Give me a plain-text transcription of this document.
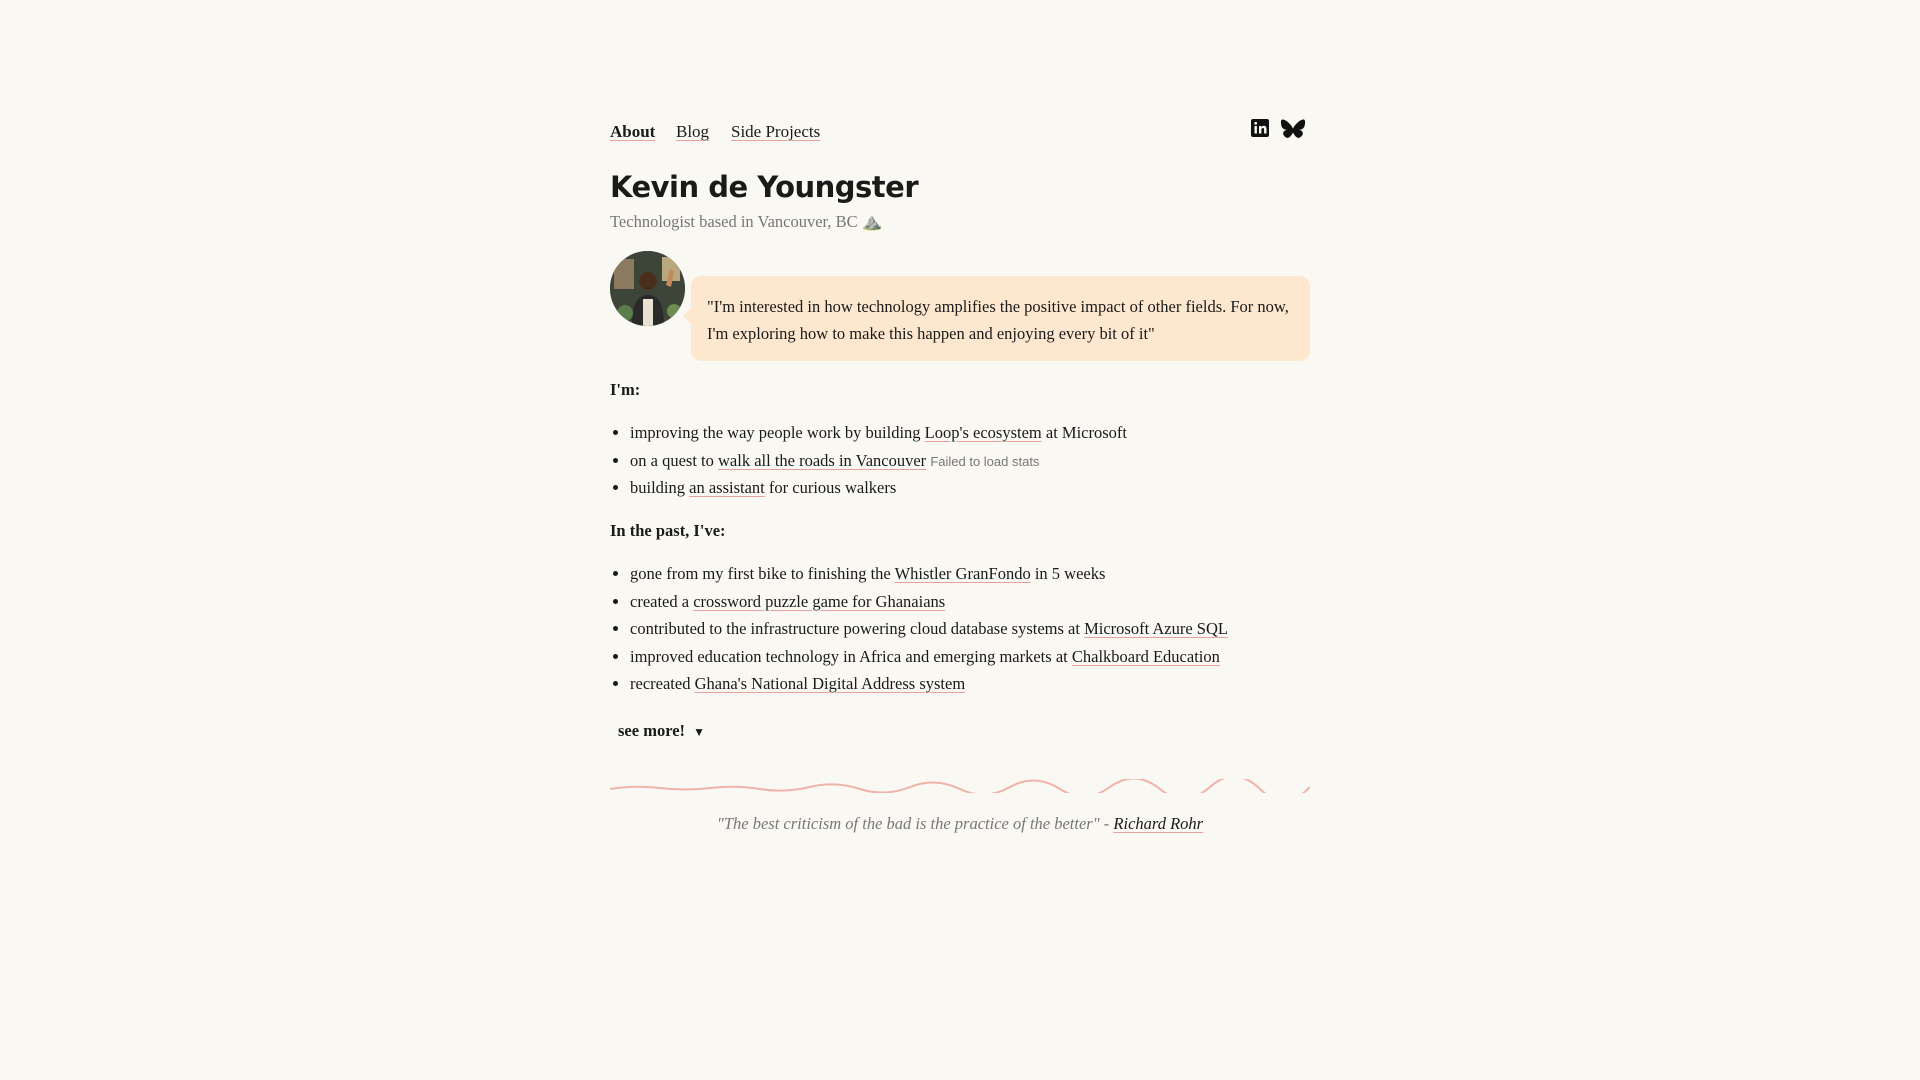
About Blog Side Projects
Kevin de Youngster
Technologist based in Vancouver, BC ⛰️
"I'm interested in how technology amplifies the positive impact of other fields. For now, I'm exploring how to make this happen and enjoying every bit of it"
I'm:
• improving the way people work by building Loop's ecosystem at Microsoft
• on a quest to walk all the roads in Vancouver Failed to load stats
• building an assistant for curious walkers
In the past, I've:
• gone from my first bike to finishing the Whistler GranFondo in 5 weeks
• created a crossword puzzle game for Ghanaians
• contributed to the infrastructure powering cloud database systems at Microsoft Azure SQL
• improved education technology in Africa and emerging markets at Chalkboard Education
• recreated Ghana's National Digital Address system
see more! ▼
"The best criticism of the bad is the practice of the better" - Richard Rohr
